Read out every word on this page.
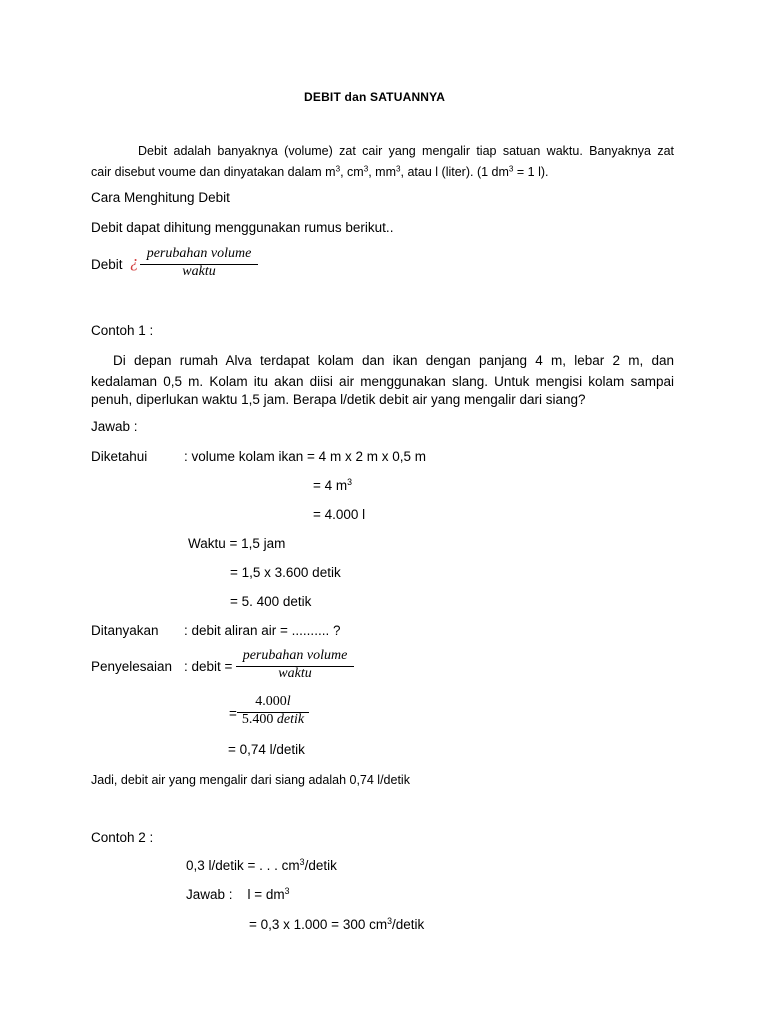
DEBIT dan SATUANNYA
Debit adalah banyaknya (volume) zat cair yang mengalir tiap satuan waktu. Banyaknya zat
cair disebut voume dan dinyatakan dalam $m^3$, $cm^3$, $mm^3$, atau l (liter). (1 $dm^3 = 1$ l).
Cara Menghitung Debit
Debit dapat dihitung menggunakan rumus berikut..
Debit ¿ perubahan volume
waktu
Contoh 1 :
Di depan rumah Alva terdapat kolam dan ikan dengan panjang 4 m, lebar 2 m, dan
kedalaman 0,5 m. Kolam itu akan diisi air menggunakan slang. Untuk mengisi kolam sampai
penuh, diperlukan waktu 1,5 jam. Berapa l/detik debit air yang mengalir dari siang?
Jawab :
Diketahui	: volume kolam ikan = 4 m x 2 m x 0,5 m
= 4 $m^3$
= 4.000 l
Waktu = 1,5 jam
= 1,5 x 3.600 detik
= 5. 400 detik
Ditanyakan : debit aliran air = .......... ?
Penyelesaian : debit =
perubahan volume
waktu
=
4.000l
5.400 detik
= 0,74 l/detik
Jadi, debit air yang mengalir dari siang adalah 0,74 l/detik
Contoh 2 :
0,3 l/detik = . . . $cm^3$/detik
Jawab :    $l = dm^3$
= 0,3 x 1.000 = 300 $cm^3$/detik
